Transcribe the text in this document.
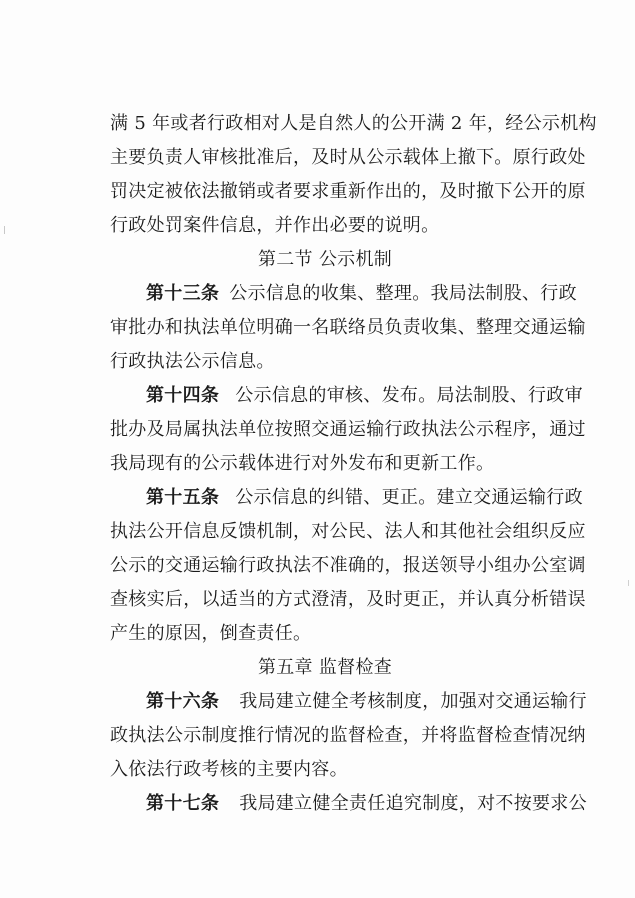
满 5 年或者行政相对人是自然人的公开满 2 年，经公示机构
主要负责人审核批准后，及时从公示载体上撤下。原行政处
罚决定被依法撤销或者要求重新作出的，及时撤下公开的原
行政处罚案件信息，并作出必要的说明。
第二节 公示机制
第十三条 公示信息的收集、整理。我局法制股、行政
审批办和执法单位明确一名联络员负责收集、整理交通运输
行政执法公示信息。
第十四条 公示信息的审核、发布。局法制股、行政审
批办及局属执法单位按照交通运输行政执法公示程序，通过
我局现有的公示载体进行对外发布和更新工作。
第十五条 公示信息的纠错、更正。建立交通运输行政
执法公开信息反馈机制，对公民、法人和其他社会组织反应
公示的交通运输行政执法不准确的，报送领导小组办公室调
查核实后，以适当的方式澄清，及时更正，并认真分析错误
产生的原因，倒查责任。
第五章 监督检查
第十六条 我局建立健全考核制度，加强对交通运输行
政执法公示制度推行情况的监督检查，并将监督检查情况纳
入依法行政考核的主要内容。
第十七条 我局建立健全责任追究制度，对不按要求公
